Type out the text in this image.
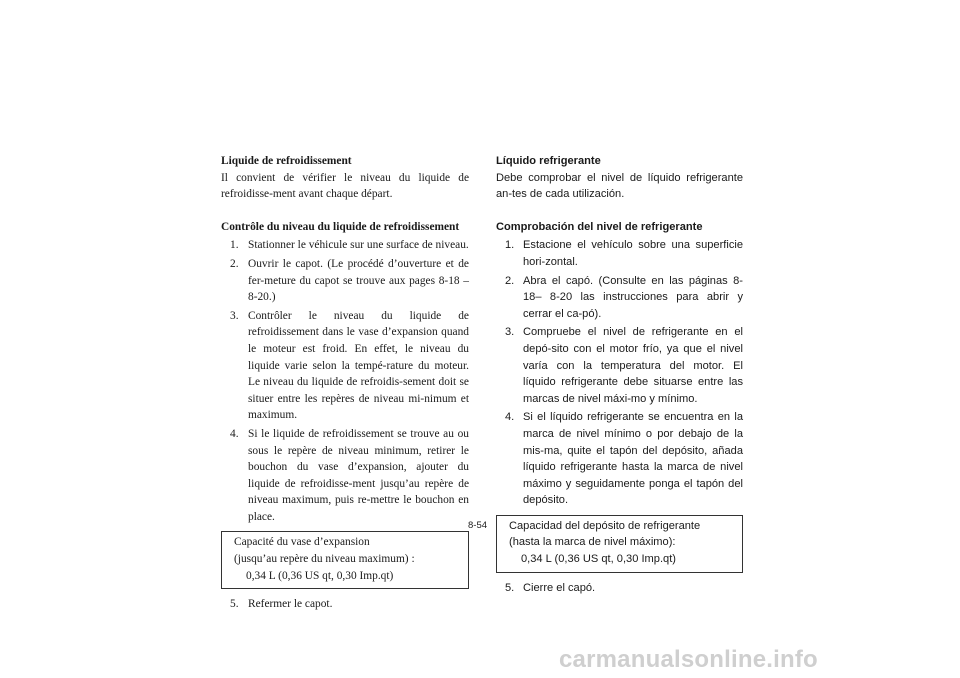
Liquide de refroidissement

Il convient de vérifier le niveau du liquide de refroidisse-ment avant chaque départ.

Contrôle du niveau du liquide de refroidissement

1. Stationner le véhicule sur une surface de niveau.
2. Ouvrir le capot. (Le procédé d’ouverture et de fer-meture du capot se trouve aux pages 8-18 – 8-20.)
3. Contrôler le niveau du liquide de refroidissement dans le vase d’expansion quand le moteur est froid. En effet, le niveau du liquide varie selon la tempé-rature du moteur. Le niveau du liquide de refroidis-sement doit se situer entre les repères de niveau mi-nimum et maximum.
4. Si le liquide de refroidissement se trouve au ou sous le repère de niveau minimum, retirer le bouchon du vase d’expansion, ajouter du liquide de refroidisse-ment jusqu’au repère de niveau maximum, puis re-mettre le bouchon en place.
Capacité du vase d’expansion
(jusqu’au repère du niveau maximum) :
0,34 L (0,36 US qt, 0,30 Imp.qt)
5. Refermer le capot.

Líquido refrigerante

Debe comprobar el nivel de líquido refrigerante an-tes de cada utilización.

Comprobación del nivel de refrigerante

1. Estacione el vehículo sobre una superficie hori-zontal.
2. Abra el capó. (Consulte en las páginas 8-18– 8-20 las instrucciones para abrir y cerrar el ca-pó).
3. Compruebe el nivel de refrigerante en el depó-sito con el motor frío, ya que el nivel varía con la temperatura del motor. El líquido refrigerante debe situarse entre las marcas de nivel máxi-mo y mínimo.
4. Si el líquido refrigerante se encuentra en la marca de nivel mínimo o por debajo de la mis-ma, quite el tapón del depósito, añada líquido refrigerante hasta la marca de nivel máximo y seguidamente ponga el tapón del depósito.
Capacidad del depósito de refrigerante
(hasta la marca de nivel máximo):
0,34 L (0,36 US qt, 0,30 Imp.qt)
5. Cierre el capó.
8-54
carmanualsonline.info
